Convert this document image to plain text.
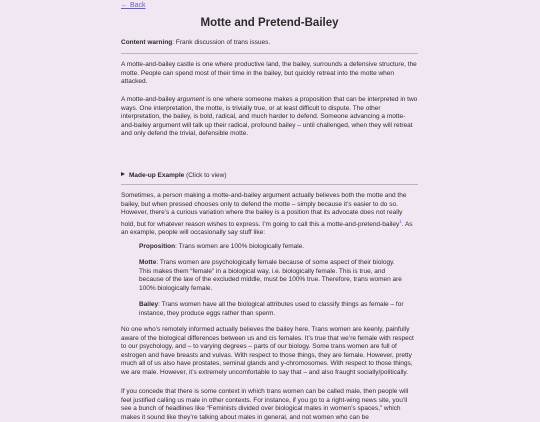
← Back
Motte and Pretend-Bailey
Content warning: Frank discussion of trans issues.

A motte-and-bailey castle is one where productive land, the bailey, surrounds a defensive structure, the motte. People can spend most of their time in the bailey, but quickly retreat into the motte when attacked.

A motte-and-bailey argument is one where someone makes a proposition that can be interpreted in two ways. One interpretation, the motte, is trivially true, or at least difficult to dispute. The other interpretation, the bailey, is bold, radical, and much harder to defend. Someone advancing a motte-and-bailey argument will talk up their radical, profound bailey – until challenged, when they will retreat and only defend the trivial, defensible motte.

Made-up Example (Click to view)

Sometimes, a person making a motte-and-bailey argument actually believes both the motte and the bailey, but when pressed chooses only to defend the motte – simply because it’s easier to do so. However, there’s a curious variation where the bailey is a position that its advocate does not really hold, but for whatever reason wishes to express. I’m going to call this a motte-and-pretend-bailey$^1$. As an example, people will occasionally say stuff like:

Proposition: Trans women are 100% biologically female.

Motte: Trans women are psychologically female because of some aspect of their biology. This makes them “female” in a biological way, i.e. biologically female. This is true, and because of the law of the excluded middle, must be 100% true. Therefore, trans women are 100% biologically female.

Bailey: Trans women have all the biological attributes used to classify things as female – for instance, they produce eggs rather than sperm.

No one who’s remotely informed actually believes the bailey here. Trans women are keenly, painfully aware of the biological differences between us and cis females. It’s true that we’re female with respect to our psychology, and – to varying degrees – parts of our biology. Some trans women are full of estrogen and have breasts and vulvas. With respect to those things, they are female. However, pretty much all of us also have prostates, seminal glands and y-chromosomes. With respect to those things, we are male. However, it’s extremely uncomfortable to say that – and also fraught socially/politically.

If you concede that there is some context in which trans women can be called male, then people will feel justified calling us male in other contexts. For instance, if you go to a right-wing news site, you’ll see a bunch of headlines like “Feminists divided over biological males in women’s spaces,” which makes it sound like they’re talking about males in general, and not women who can be
